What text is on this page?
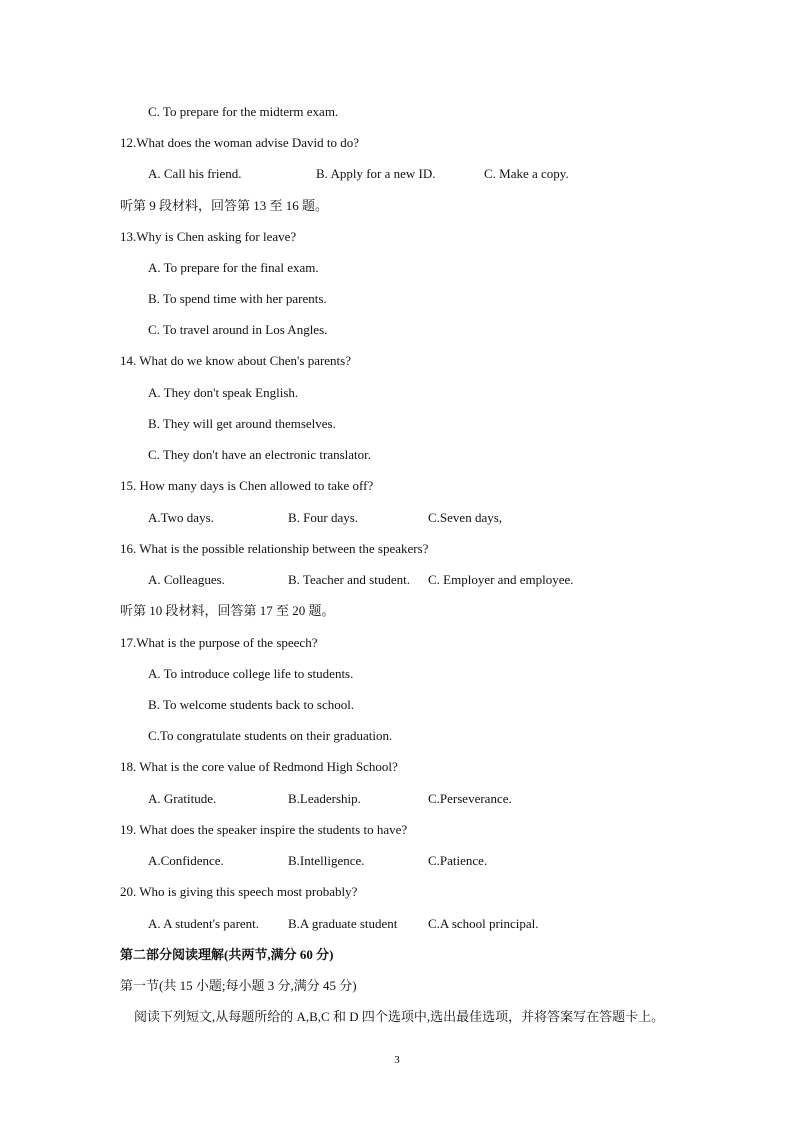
C. To prepare for the midterm exam.
12.What does the woman advise David to do?
A. Call his friend.	B. Apply for a new ID.	C. Make a copy.
听第 9 段材料，回答第 13 至 16 题。
13.Why is Chen asking for leave?
A. To prepare for the final exam.
B. To spend time with her parents.
C. To travel around in Los Angles.
14. What do we know about Chen's parents?
A. They don't speak English.
B. They will get around themselves.
C. They don't have an electronic translator.
15. How many days is Chen allowed to take off?
A.Two days.	B. Four days.	C.Seven days,
16. What is the possible relationship between the speakers?
A. Colleagues.	B. Teacher and student. C. Employer and employee.
听第 10 段材料，回答第 17 至 20 题。
17.What is the purpose of the speech?
A. To introduce college life to students.
B. To welcome students back to school.
C.To congratulate students on their graduation.
18. What is the core value of Redmond High School?
A. Gratitude.	B.Leadership.	C.Perseverance.
19. What does the speaker inspire the students to have?
A.Confidence.	B.Intelligence.	C.Patience.
20. Who is giving this speech most probably?
A. A student's parent. B.A graduate student C.A school principal.
第二部分阅读理解(共两节,满分 60 分)
第一节(共 15 小题;每小题 3 分,满分 45 分)
阅读下列短文,从每题所给的 A,B,C 和 D 四个选项中,选出最佳选项，并将答案写在答题卡上。
3
